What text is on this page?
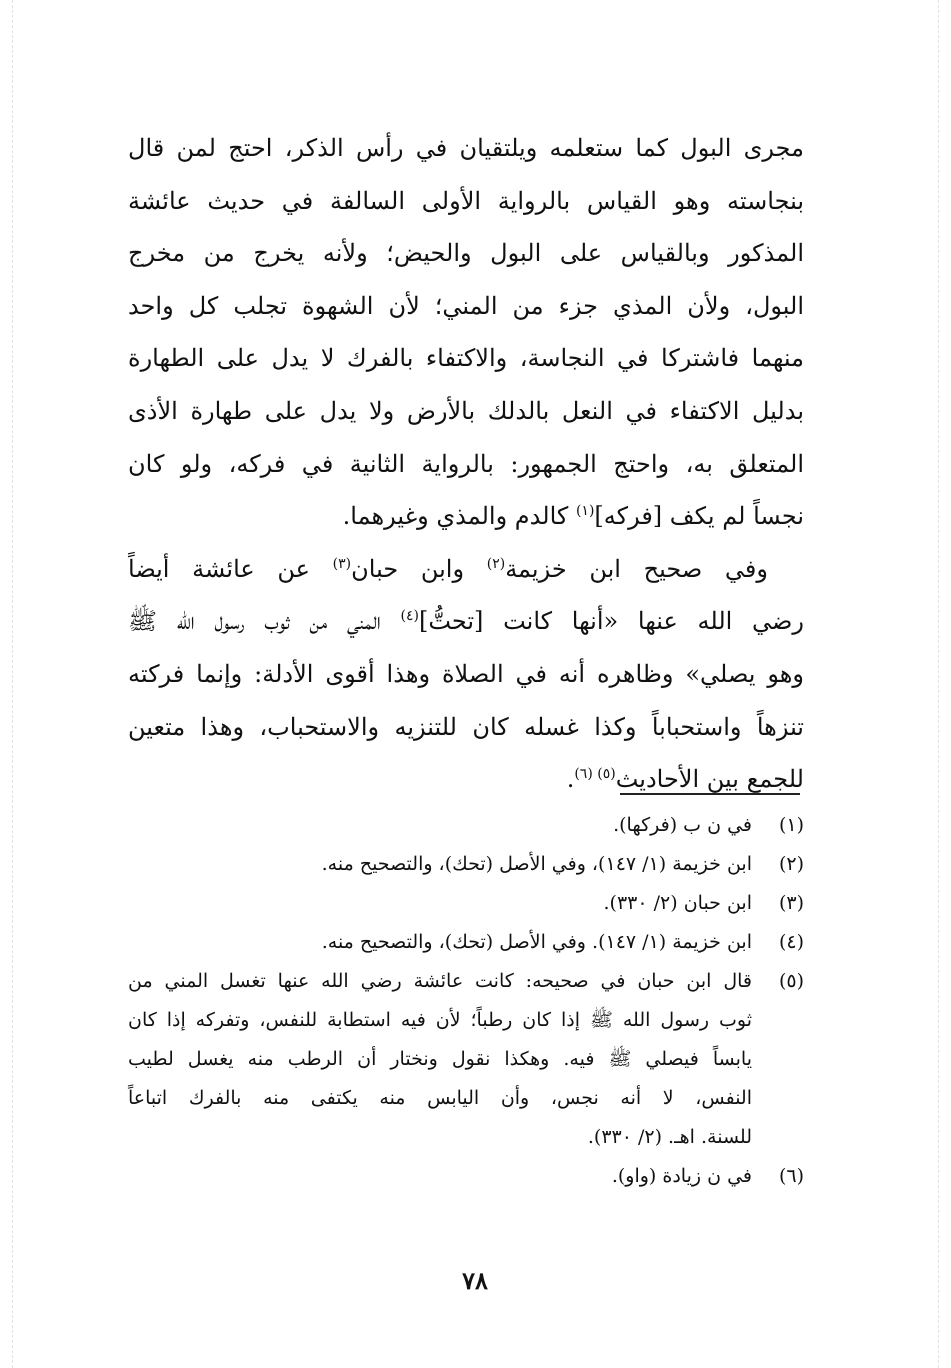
مجرى البول كما ستعلمه ويلتقيان في رأس الذكر، احتج لمن قال
بنجاسته وهو القياس بالرواية الأولى السالفة في حديث عائشة
المذكور وبالقياس على البول والحيض؛ ولأنه يخرج من مخرج
البول، ولأن المذي جزء من المني؛ لأن الشهوة تجلب كل واحد
منهما فاشتركا في النجاسة، والاكتفاء بالفرك لا يدل على الطهارة
بدليل الاكتفاء في النعل بالدلك بالأرض ولا يدل على طهارة الأذى
المتعلق به، واحتج الجمهور: بالرواية الثانية في فركه، ولو كان
نجساً لم يكف [فركه]$^{(١)}$ كالدم والمذي وغيرهما.

وفي صحيح ابن خزيمة$^{(٢)}$ وابن حبان$^{(٣)}$ عن عائشة أيضاً
رضي الله عنها «أنها كانت [تحتُّ]$^{(٤)}$ المني من ثوب رسول الله ﷺ
وهو يصلي» وظاهره أنه في الصلاة وهذا أقوى الأدلة: وإنما فركته
تنزهاً واستحباباً وكذا غسله كان للتنزيه والاستحباب، وهذا متعين
للجمع بين الأحاديث$^{(٥) (٦)}$.

(١)
في ن ب (فركها).
(٢)
ابن خزيمة (١/ ١٤٧)، وفي الأصل (تحك)، والتصحيح منه.
(٣)
ابن حبان (٢/ ٣٣٠).
(٤)
ابن خزيمة (١/ ١٤٧). وفي الأصل (تحك)، والتصحيح منه.
(٥)
قال ابن حبان في صحيحه: كانت عائشة رضي الله عنها تغسل المني من
ثوب رسول الله ﷺ إذا كان رطباً؛ لأن فيه استطابة للنفس، وتفركه إذا كان
يابساً فيصلي ﷺ فيه. وهكذا نقول ونختار أن الرطب منه يغسل لطيب
النفس، لا أنه نجس، وأن اليابس منه يكتفى منه بالفرك اتباعاً
للسنة. اهـ. (٢/ ٣٣٠).
(٦)
في ن زيادة (واو).
٧٨
